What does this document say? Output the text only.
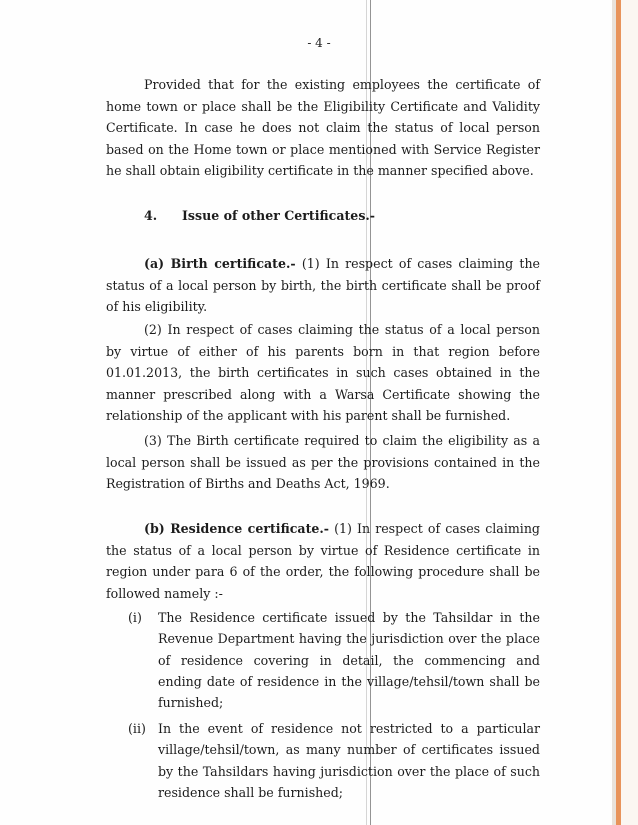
- 4 -

Provided that for the existing employees the certificate of home town or place shall be the Eligibility Certificate and Validity Certificate. In case he does not claim the status of local person based on the Home town or place mentioned with Service Register he shall obtain eligibility certificate in the manner specified above.

4. Issue of other Certificates.-

(a) Birth certificate.- (1) In respect of cases claiming the status of a local person by birth, the birth certificate shall be proof of his eligibility.

(2) In respect of cases claiming the status of a local person by virtue of either of his parents born in that region before 01.01.2013, the birth certificates in such cases obtained in the manner prescribed along with a Warsa Certificate showing the relationship of the applicant with his parent shall be furnished.

(3) The Birth certificate required to claim the eligibility as a local person shall be issued as per the provisions contained in the Registration of Births and Deaths Act, 1969.

(b) Residence certificate.- (1) In respect of cases claiming the status of a local person by virtue of Residence certificate in region under para 6 of the order, the following procedure shall be followed namely :-

(i) The Residence certificate issued by the Tahsildar in the Revenue Department having the jurisdiction over the place of residence covering in detail, the commencing and ending date of residence in the village/tehsil/town shall be furnished;
(ii) In the event of residence not restricted to a particular village/tehsil/town, as many number of certificates issued by the Tahsildars having jurisdiction over the place of such residence shall be furnished;
